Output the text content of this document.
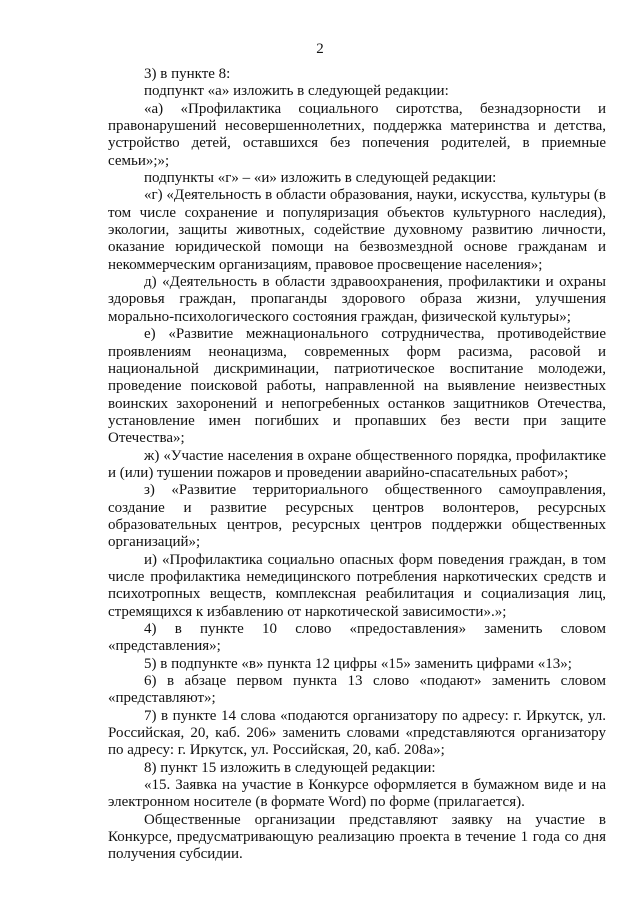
2

3) в пункте 8:

подпункт «а» изложить в следующей редакции:

«а) «Профилактика социального сиротства, безнадзорности и правонарушений несовершеннолетних, поддержка материнства и детства, устройство детей, оставшихся без попечения родителей, в приемные семьи»;»;

подпункты «г» – «и» изложить в следующей редакции:

«г) «Деятельность в области образования, науки, искусства, культуры (в том числе сохранение и популяризация объектов культурного наследия), экологии, защиты животных, содействие духовному развитию личности, оказание юридической помощи на безвозмездной основе гражданам и некоммерческим организациям, правовое просвещение населения»;

д) «Деятельность в области здравоохранения, профилактики и охраны здоровья граждан, пропаганды здорового образа жизни, улучшения морально-психологического состояния граждан, физической культуры»;

е) «Развитие межнационального сотрудничества, противодействие проявлениям неонацизма, современных форм расизма, расовой и национальной дискриминации, патриотическое воспитание молодежи, проведение поисковой работы, направленной на выявление неизвестных воинских захоронений и непогребенных останков защитников Отечества, установление имен погибших и пропавших без вести при защите Отечества»;

ж) «Участие населения в охране общественного порядка, профилактике и (или) тушении пожаров и проведении аварийно-спасательных работ»;

з) «Развитие территориального общественного самоуправления, создание и развитие ресурсных центров волонтеров, ресурсных образовательных центров, ресурсных центров поддержки общественных организаций»;

и) «Профилактика социально опасных форм поведения граждан, в том числе профилактика немедицинского потребления наркотических средств и психотропных веществ, комплексная реабилитация и социализация лиц, стремящихся к избавлению от наркотической зависимости».»;

4) в пункте 10 слово «предоставления» заменить словом «представления»;

5) в подпункте «в» пункта 12 цифры «15» заменить цифрами «13»;

6) в абзаце первом пункта 13 слово «подают» заменить словом «представляют»;

7) в пункте 14 слова «подаются организатору по адресу: г. Иркутск, ул. Российская, 20, каб. 206» заменить словами «представляются организатору по адресу: г. Иркутск, ул. Российская, 20, каб. 208а»;

8) пункт 15 изложить в следующей редакции:

«15. Заявка на участие в Конкурсе оформляется в бумажном виде и на электронном носителе (в формате Word) по форме (прилагается).

Общественные организации представляют заявку на участие в Конкурсе, предусматривающую реализацию проекта в течение 1 года со дня получения субсидии.
